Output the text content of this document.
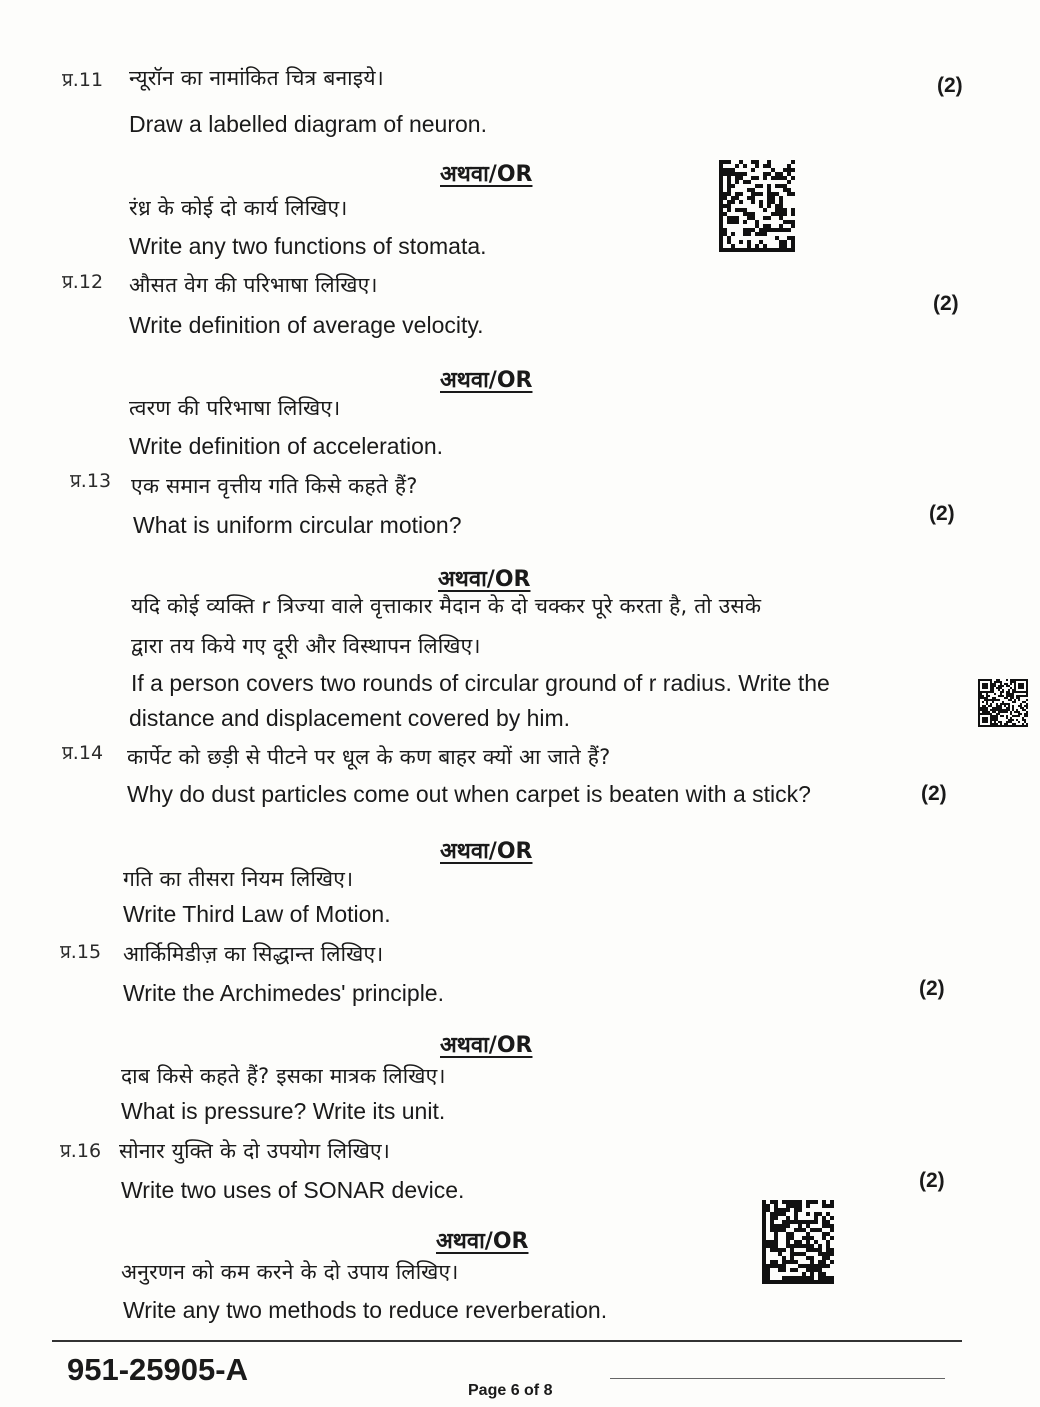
प्र.11 न्यूरॉन का नामांकित चित्र बनाइये।	(2)
Draw a labelled diagram of neuron.
अथवा/OR
रंध्र के कोई दो कार्य लिखिए।
Write any two functions of stomata.
प्र.12 औसत वेग की परिभाषा लिखिए।
(2)
Write definition of average velocity.
अथवा/OR
त्वरण की परिभाषा लिखिए।
Write definition of acceleration.
प्र.13 एक समान वृत्तीय गति किसे कहते हैं?
(2)
What is uniform circular motion?
अथवा/OR
यदि कोई व्यक्ति r त्रिज्या वाले वृत्ताकार मैदान के दो चक्कर पूरे करता है, तो उसके
द्वारा तय किये गए दूरी और विस्थापन लिखिए।
If a person covers two rounds of circular ground of r radius. Write the
distance and displacement covered by him.
प्र.14 कार्पेट को छड़ी से पीटने पर धूल के कण बाहर क्यों आ जाते हैं?
(2)
Why do dust particles come out when carpet is beaten with a stick?
अथवा/OR
गति का तीसरा नियम लिखिए।
Write Third Law of Motion.
प्र.15 आर्किमिडीज़ का सिद्धान्त लिखिए।
(2)
Write the Archimedes' principle.
अथवा/OR
दाब किसे कहते हैं? इसका मात्रक लिखिए।
What is pressure? Write its unit.
प्र.16 सोनार युक्ति के दो उपयोग लिखिए।
(2)
Write two uses of SONAR device.
अथवा/OR
अनुरणन को कम करने के दो उपाय लिखिए।
Write any two methods to reduce reverberation.
951-25905-A
Page 6 of 8
